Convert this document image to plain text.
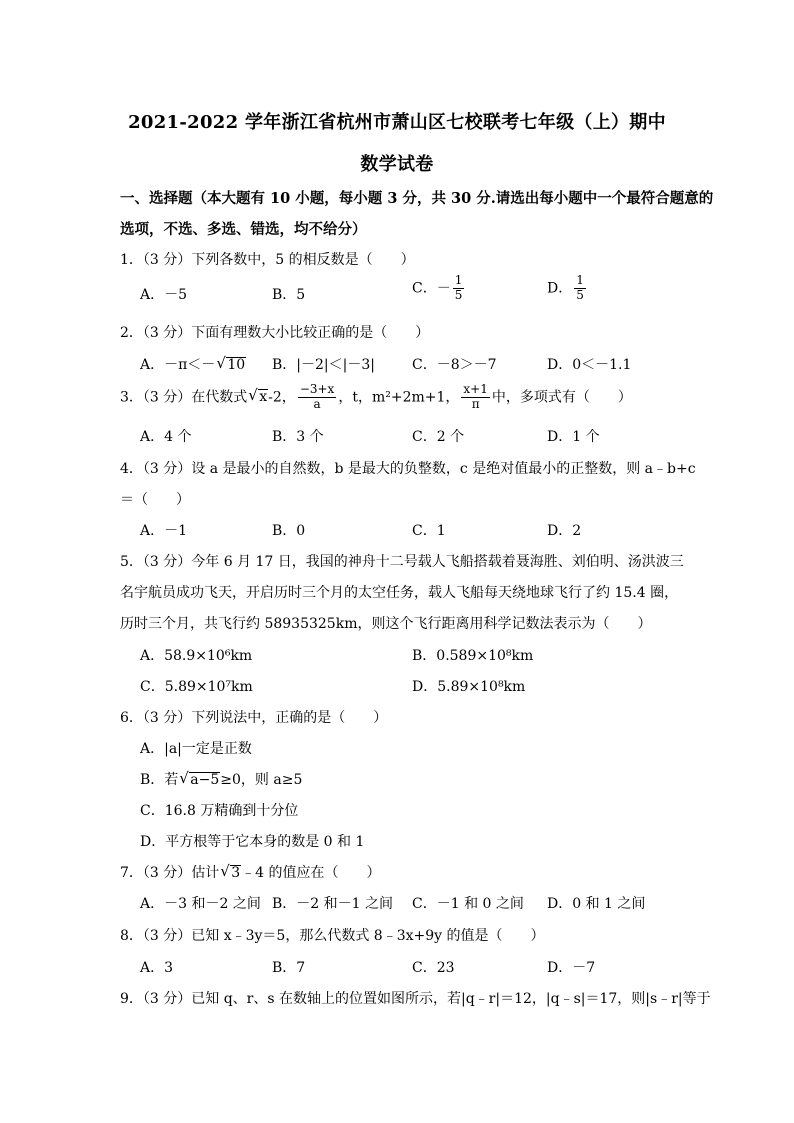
2021-2022 学年浙江省杭州市萧山区七校联考七年级（上）期中
数学试卷
一、选择题（本大题有 10 小题，每小题 3 分，共 30 分.请选出每小题中一个最符合题意的
选项，不选、多选、错选，均不给分）
1．（3 分）下列各数中，5 的相反数是（　　）
A．－5	B．5	C．－ $\frac{1}{5}$	D． $\frac{1}{5}$
2．（3 分）下面有理数大小比较正确的是（　　）
A．－π＜－ √ 10 B．|－2|＜|－3|	C．－8＞－7	D．0＜－1.1
3．（3 分）在代数式 √ x-2， $\frac{-3+x}{a}$ ，t，m²+2m+1， $\frac{x+1}{\pi}$ 中，多项式有（　　）
A．4 个	B．3 个	C．2 个	D．1 个
4．（3 分）设 a 是最小的自然数，b 是最大的负整数，c 是绝对值最小的正整数，则 a﹣b+c
＝（　　）
A．－1	B．0	C．1	D．2
5．（3 分）今年 6 月 17 日，我国的神舟十二号载人飞船搭载着聂海胜、刘伯明、汤洪波三
名宇航员成功飞天，开启历时三个月的太空任务，载人飞船每天绕地球飞行了约 15.4 圈，
历时三个月，共飞行约 58935325km，则这个飞行距离用科学记数法表示为（　　）
A．58.9×10⁶km	B．0.589×10⁸km
C．5.89×10⁷km	D．5.89×10⁸km
6．（3 分）下列说法中，正确的是（　　）
A．|a|一定是正数
B．若 √ a−5≥0，则 a≥5
C．16.8 万精确到十分位
D．平方根等于它本身的数是 0 和 1
7．（3 分）估计 √ 3﹣4 的值应在（　　）
A．－3 和－2 之间 B．－2 和－1 之间 C．－1 和 0 之间 D．0 和 1 之间
8．（3 分）已知 x﹣3y＝5，那么代数式 8﹣3x+9y 的值是（　　）
A．3	B．7	C．23	D．－7
9．（3 分）已知 q、r、s 在数轴上的位置如图所示，若|q﹣r|＝12，|q﹣s|＝17，则|s﹣r|等于
